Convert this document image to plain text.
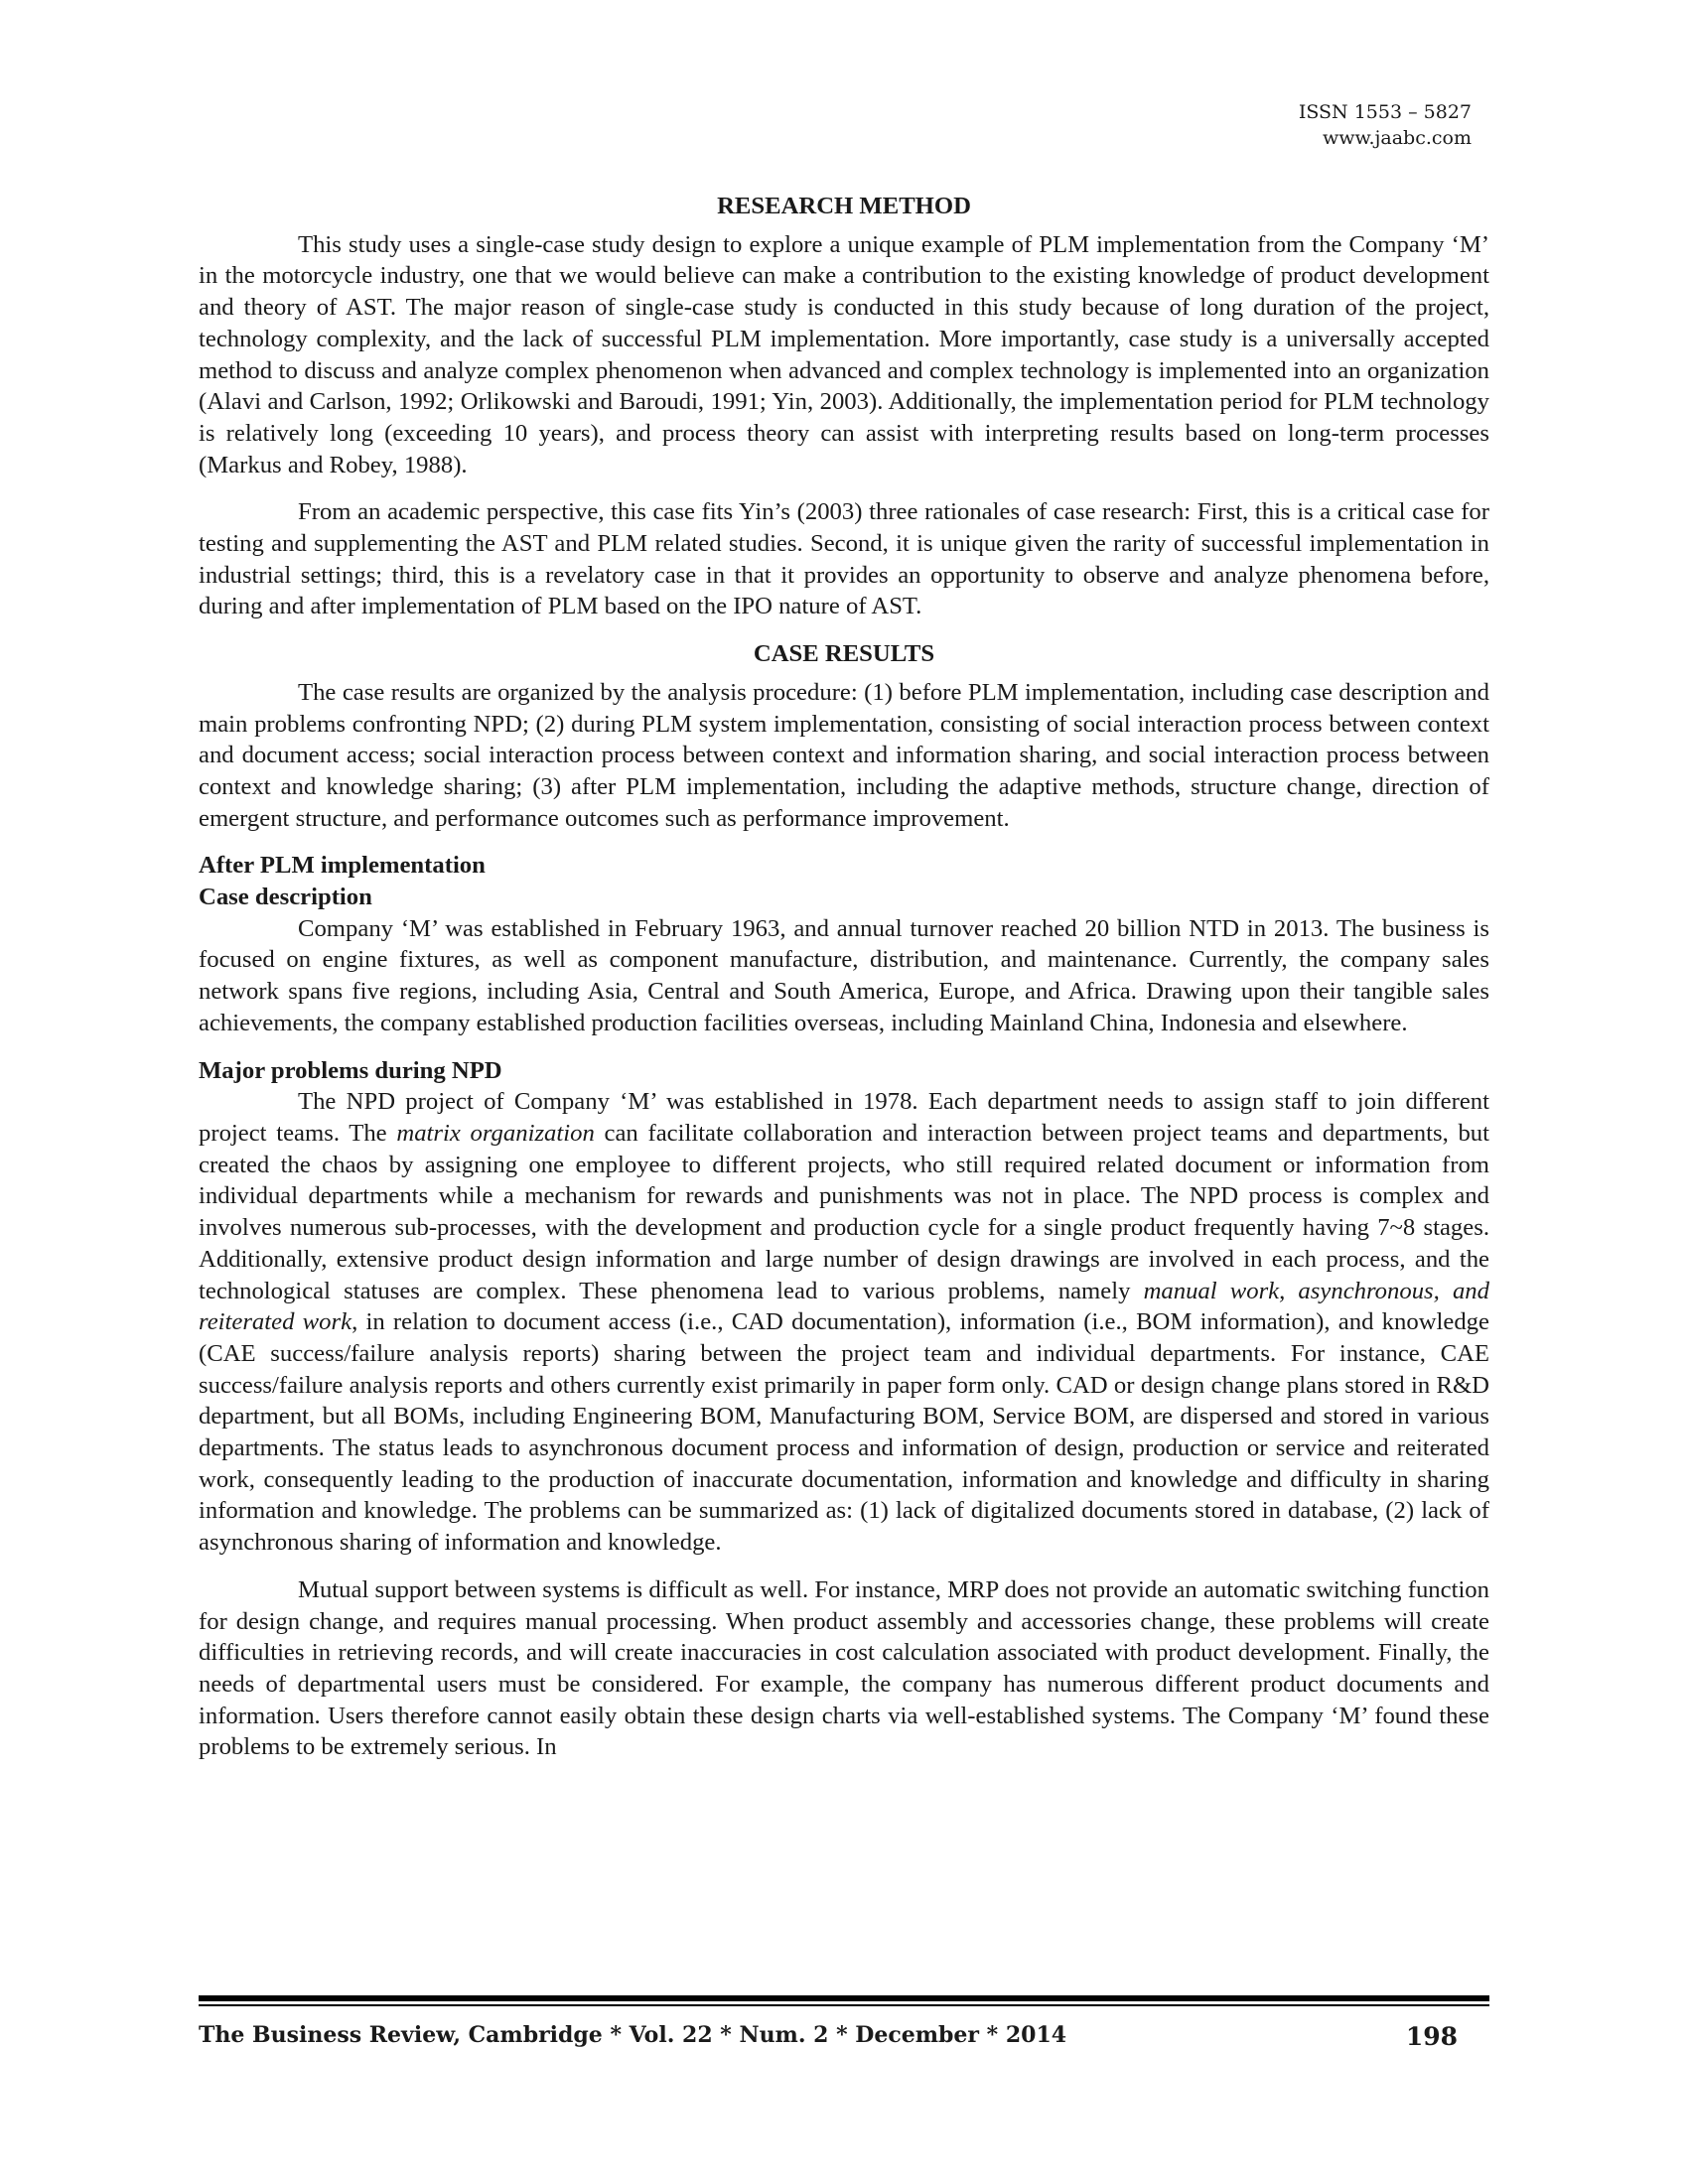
ISSN 1553 – 5827
www.jaabc.com
RESEARCH METHOD

This study uses a single-case study design to explore a unique example of PLM implementation from the Company ‘M’ in the motorcycle industry, one that we would believe can make a contribution to the existing knowledge of product development and theory of AST. The major reason of single-case study is conducted in this study because of long duration of the project, technology complexity, and the lack of successful PLM implementation. More importantly, case study is a universally accepted method to discuss and analyze complex phenomenon when advanced and complex technology is implemented into an organization (Alavi and Carlson, 1992; Orlikowski and Baroudi, 1991; Yin, 2003). Additionally, the implementation period for PLM technology is relatively long (exceeding 10 years), and process theory can assist with interpreting results based on long-term processes (Markus and Robey, 1988).

From an academic perspective, this case fits Yin’s (2003) three rationales of case research: First, this is a critical case for testing and supplementing the AST and PLM related studies. Second, it is unique given the rarity of successful implementation in industrial settings; third, this is a revelatory case in that it provides an opportunity to observe and analyze phenomena before, during and after implementation of PLM based on the IPO nature of AST.

CASE RESULTS

The case results are organized by the analysis procedure: (1) before PLM implementation, including case description and main problems confronting NPD; (2) during PLM system implementation, consisting of social interaction process between context and document access; social interaction process between context and information sharing, and social interaction process between context and knowledge sharing; (3) after PLM implementation, including the adaptive methods, structure change, direction of emergent structure, and performance outcomes such as performance improvement.

After PLM implementation
Case description

Company ‘M’ was established in February 1963, and annual turnover reached 20 billion NTD in 2013. The business is focused on engine fixtures, as well as component manufacture, distribution, and maintenance. Currently, the company sales network spans five regions, including Asia, Central and South America, Europe, and Africa. Drawing upon their tangible sales achievements, the company established production facilities overseas, including Mainland China, Indonesia and elsewhere.

Major problems during NPD

The NPD project of Company ‘M’ was established in 1978. Each department needs to assign staff to join different project teams. The matrix organization can facilitate collaboration and interaction between project teams and departments, but created the chaos by assigning one employee to different projects, who still required related document or information from individual departments while a mechanism for rewards and punishments was not in place. The NPD process is complex and involves numerous sub-processes, with the development and production cycle for a single product frequently having 7~8 stages. Additionally, extensive product design information and large number of design drawings are involved in each process, and the technological statuses are complex. These phenomena lead to various problems, namely manual work, asynchronous, and reiterated work, in relation to document access (i.e., CAD documentation), information (i.e., BOM information), and knowledge (CAE success/failure analysis reports) sharing between the project team and individual departments. For instance, CAE success/failure analysis reports and others currently exist primarily in paper form only. CAD or design change plans stored in R&D department, but all BOMs, including Engineering BOM, Manufacturing BOM, Service BOM, are dispersed and stored in various departments. The status leads to asynchronous document process and information of design, production or service and reiterated work, consequently leading to the production of inaccurate documentation, information and knowledge and difficulty in sharing information and knowledge. The problems can be summarized as: (1) lack of digitalized documents stored in database, (2) lack of asynchronous sharing of information and knowledge.

Mutual support between systems is difficult as well. For instance, MRP does not provide an automatic switching function for design change, and requires manual processing. When product assembly and accessories change, these problems will create difficulties in retrieving records, and will create inaccuracies in cost calculation associated with product development. Finally, the needs of departmental users must be considered. For example, the company has numerous different product documents and information. Users therefore cannot easily obtain these design charts via well-established systems. The Company ‘M’ found these problems to be extremely serious. In

The Business Review, Cambridge * Vol. 22 * Num. 2 * December * 2014	198
